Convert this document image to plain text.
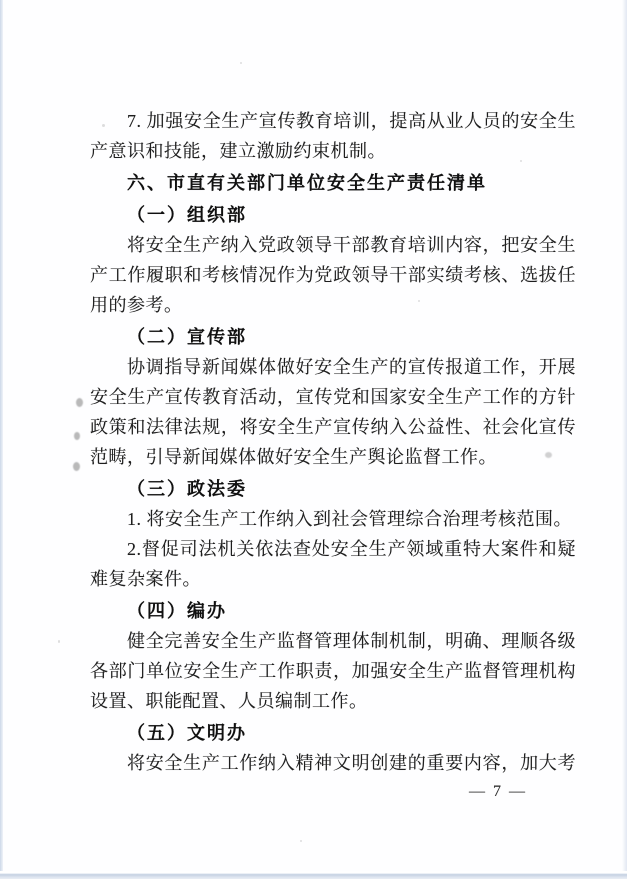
7. 加强安全生产宣传教育培训，提高从业人员的安全生
产意识和技能，建立激励约束机制。
六、市直有关部门单位安全生产责任清单
（一）组织部
将安全生产纳入党政领导干部教育培训内容，把安全生
产工作履职和考核情况作为党政领导干部实绩考核、选拔任
用的参考。
（二）宣传部
协调指导新闻媒体做好安全生产的宣传报道工作，开展
安全生产宣传教育活动，宣传党和国家安全生产工作的方针
政策和法律法规，将安全生产宣传纳入公益性、社会化宣传
范畴，引导新闻媒体做好安全生产舆论监督工作。
（三）政法委
1. 将安全生产工作纳入到社会管理综合治理考核范围。
2.督促司法机关依法查处安全生产领域重特大案件和疑
难复杂案件。
（四）编办
健全完善安全生产监督管理体制机制，明确、理顺各级
各部门单位安全生产工作职责，加强安全生产监督管理机构
设置、职能配置、人员编制工作。
（五）文明办
将安全生产工作纳入精神文明创建的重要内容，加大考
— 7 —
